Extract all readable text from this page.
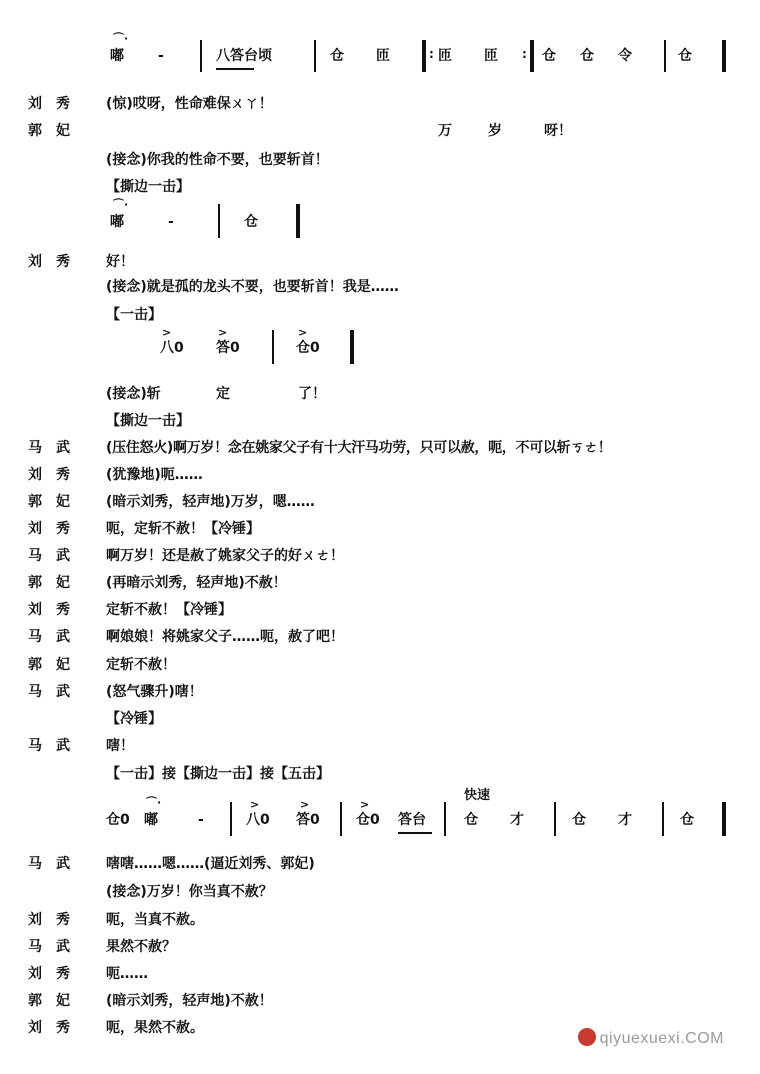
⌒·
嘟 -	八答台顷	仓 匝	: 匝 匝 : 仓 仓 令	仓
刘秀 (惊)哎呀，性命难保ㄨㄚ！
郭妃	万	岁	呀！
(接念)你我的性命不要，也要斩首！
【撕边一击】
⌒·
嘟	-	仓
刘秀 好！
(接念)就是孤的龙头不要，也要斩首！我是……
【一击】
>
八0
>
答0
>
仓0
(接念)斩	定	了！
【撕边一击】
马武 (压住怒火)啊万岁！念在姚家父子有十大汗马功劳，只可以赦，呃，不可以斩ㄎㄜ！
刘秀 (犹豫地)呃……
郭妃 (暗示刘秀，轻声地)万岁，嗯……
刘秀 呃，定斩不赦！【冷锤】
马武 啊万岁！还是赦了姚家父子的好ㄨㄜ！
郭妃 (再暗示刘秀，轻声地)不赦！
刘秀 定斩不赦！【冷锤】
马武 啊娘娘！将姚家父子……呃，赦了吧！
郭妃 定斩不赦！
马武 (怒气骤升)嗐！
【冷锤】
马武 嗐！
【一击】接【撕边一击】接【五击】
快速
仓0
⌒·
嘟	-
>
八0
>
答0
>
仓0 答台	仓 才	仓 才	仓
马武 嗐嗐……嗯……(逼近刘秀、郭妃)
(接念)万岁！你当真不赦？
刘秀 呃，当真不赦。
马武 果然不赦？
刘秀 呃……
郭妃 (暗示刘秀，轻声地)不赦！
刘秀 呃，果然不赦。
qiyuexuexi.COM
